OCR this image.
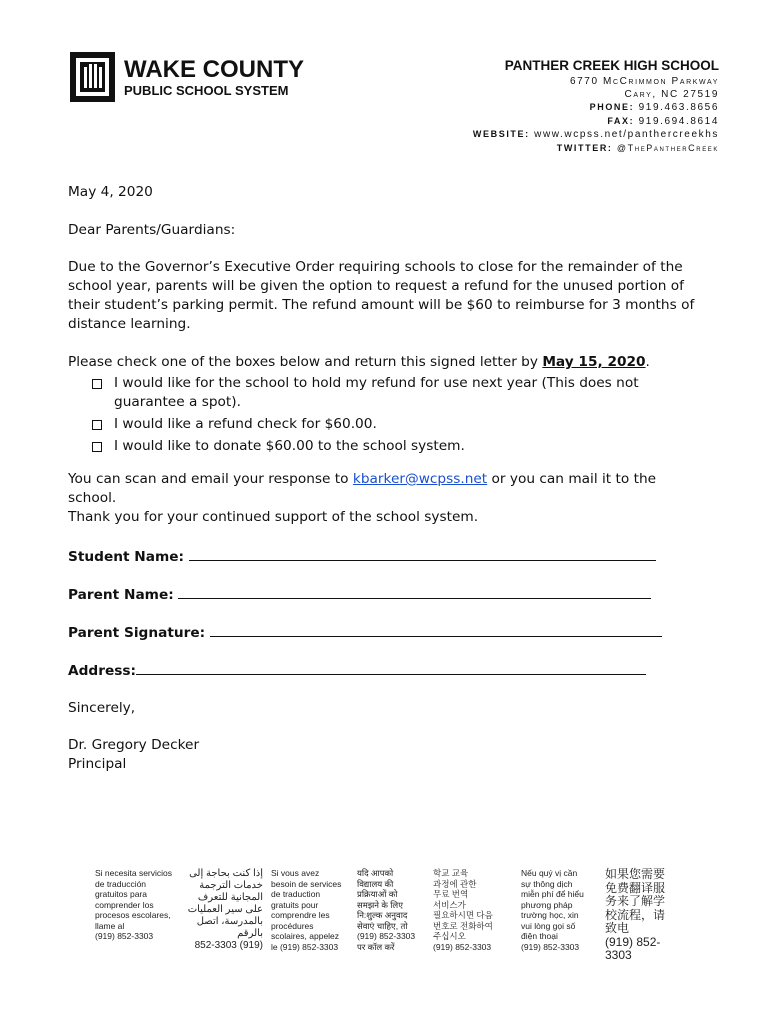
WAKE COUNTY
PUBLIC SCHOOL SYSTEM
PANTHER CREEK HIGH SCHOOL
6770 McCrimmon Parkway
Cary, NC 27519
PHONE: 919.463.8656
FAX: 919.694.8614
WEBSITE: www.wcpss.net/panthercreekhs
TWITTER: @ThePantherCreek

May 4, 2020

Dear Parents/Guardians:

Due to the Governor’s Executive Order requiring schools to close for the remainder of the school year, parents will be given the option to request a refund for the unused portion of their student’s parking permit. The refund amount will be $60 to reimburse for 3 months of distance learning.

Please check one of the boxes below and return this signed letter by May 15, 2020.

I would like for the school to hold my refund for use next year (This does not guarantee a spot).
I would like a refund check for $60.00.
I would like to donate $60.00 to the school system.

You can scan and email your response to kbarker@wcpss.net or you can mail it to the school.

Thank you for your continued support of the school system.

Student Name:
Parent Name:
Parent Signature:
Address:

Sincerely,

Dr. Gregory Decker

Principal

Si necesita servicios
de traducción
gratuitos para
comprender los
procesos escolares,
llame al
(919) 852-3303
إذا كنت بحاجة إلى
خدمات الترجمة
المجانية للتعرف
على سير العمليات
بالمدرسة، اتصل
بالرقم
(919) 852-3303
Si vous avez
besoin de services
de traduction
gratuits pour
comprendre les
procédures
scolaires, appelez
le (919) 852-3303
यदि आपको
विद्यालय की
प्रक्रियाओं को
समझने के लिए
नि:शुल्क अनुवाद
सेवाएं चाहिए, तो
(919) 852-3303
पर कॉल करें
학교 교육
과정에 관한
무료 번역
서비스가
필요하시면 다음
번호로 전화하여
주십시오
(919) 852-3303
Nếu quý vị cần
sự thông dịch
miễn phí để hiểu
phương pháp
trường học, xin
vui lòng gọi số
điện thoại
(919) 852-3303
如果您需要
免费翻译服
务来了解学
校流程，请
致电
(919) 852-3303
